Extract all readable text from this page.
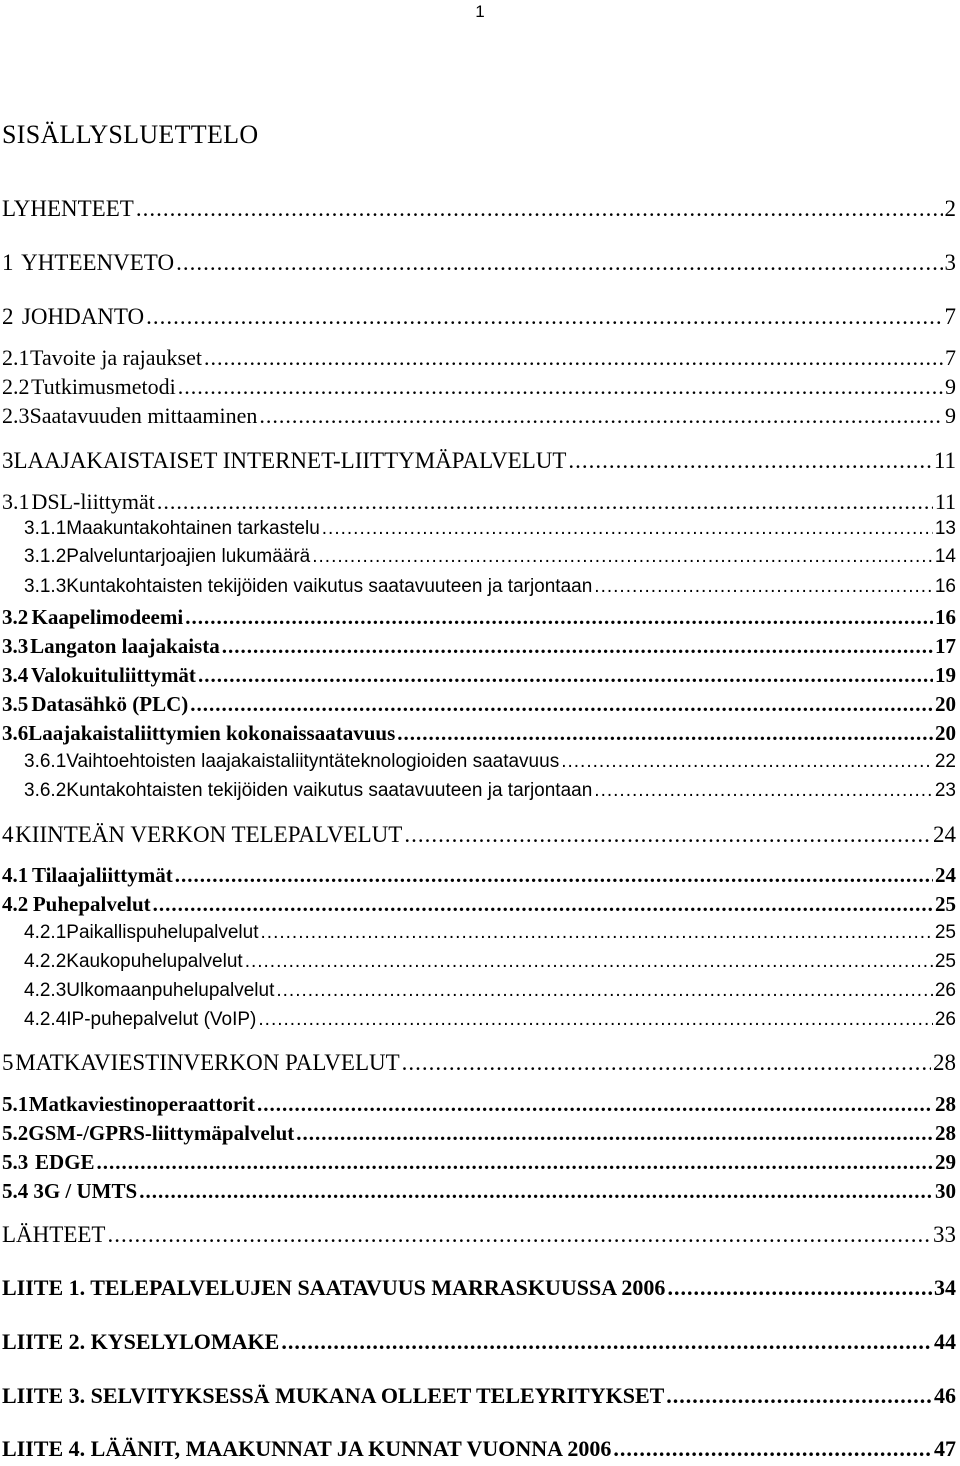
1
SISÄLLYSLUETTELO
LYHENTEET .....	2
1 YHTEENVETO .....	3
2 JOHDANTO .....	7
2.1 Tavoite ja rajaukset .....	7
2.2 Tutkimusmetodi .....	9
2.3 Saatavuuden mittaaminen .....	9
3 LAAJAKAISTAISET INTERNET-LIITTYMÄPALVELUT .....	11
3.1 DSL-liittymät .....	11
3.1.1 Maakuntakohtainen tarkastelu .....	13
3.1.2 Palveluntarjoajien lukumäärä .....	14
3.1.3 Kuntakohtaisten tekijöiden vaikutus saatavuuteen ja tarjontaan .....	16
3.2 Kaapelimodeemi .....	16
3.3 Langaton laajakaista .....	17
3.4 Valokuituliittymät .....	19
3.5 Datasähkö (PLC) .....	20
3.6 Laajakaistaliittymien kokonaissaatavuus .....	20
3.6.1 Vaihtoehtoisten laajakaistaliityntäteknologioiden saatavuus .....	22
3.6.2 Kuntakohtaisten tekijöiden vaikutus saatavuuteen ja tarjontaan .....	23
4 KIINTEÄN VERKON TELEPALVELUT .....	24
4.1 Tilaajaliittymät .....	24
4.2 Puhepalvelut .....	25
4.2.1 Paikallispuhelupalvelut .....	25
4.2.2 Kaukopuhelupalvelut .....	25
4.2.3 Ulkomaanpuhelupalvelut .....	26
4.2.4 IP-puhepalvelut (VoIP) .....	26
5 MATKAVIESTINVERKON PALVELUT .....	28
5.1 Matkaviestinoperaattorit .....	28
5.2 GSM-/GPRS-liittymäpalvelut .....	28
5.3 EDGE .....	29
5.4 3G / UMTS .....	30
LÄHTEET .....	33
LIITE 1. TELEPALVELUJEN SAATAVUUS MARRASKUUSSA 2006 .....	34
LIITE 2. KYSELYLOMAKE .....	44
LIITE 3. SELVITYKSESSÄ MUKANA OLLEET TELEYRITYKSET .....	46
LIITE 4. LÄÄNIT, MAAKUNNAT JA KUNNAT VUONNA 2006 .....	47
